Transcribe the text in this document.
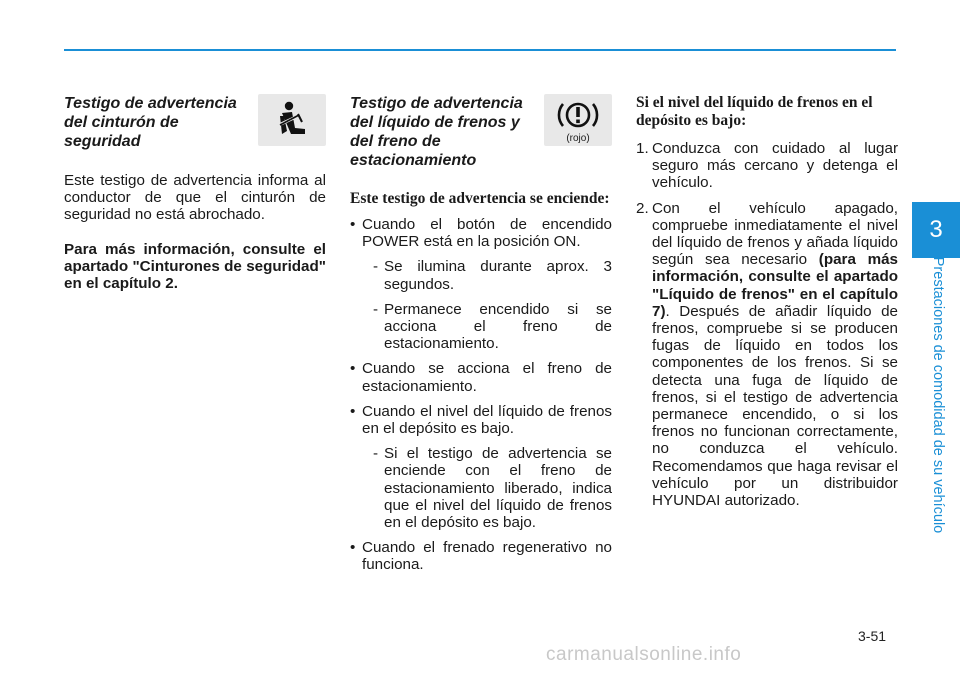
Testigo de advertencia del cinturón de seguridad

Este testigo de advertencia informa al conductor de que el cinturón de seguridad no está abrochado.

Para más información, consulte el apartado "Cinturones de seguridad" en el capítulo 2.

(rojo)

Testigo de advertencia del líquido de frenos y del freno de estacionamiento

Este testigo de advertencia se enciende:

• Cuando el botón de encendido POWER está en la posición ON.
- Se ilumina durante aprox. 3 segundos.
- Permanece encendido si se acciona el freno de estacionamiento.
• Cuando se acciona el freno de estacionamiento.
• Cuando el nivel del líquido de frenos en el depósito es bajo.
- Si el testigo de advertencia se enciende con el freno de estacionamiento liberado, indica que el nivel del líquido de frenos en el depósito es bajo.
• Cuando el frenado regenerativo no funciona.

Si el nivel del líquido de frenos en el depósito es bajo:

1. Conduzca con cuidado al lugar seguro más cercano y detenga el vehículo.
2. Con el vehículo apagado, compruebe inmediatamente el nivel del líquido de frenos y añada líquido según sea necesario (para más información, consulte el apartado "Líquido de frenos" en el capítulo 7). Después de añadir líquido de frenos, compruebe si se producen fugas de líquido en todos los componentes de los frenos. Si se detecta una fuga de líquido de frenos, si el testigo de advertencia permanece encendido, o si los frenos no funcionan correctamente, no conduzca el vehículo. Recomendamos que haga revisar el vehículo por un distribuidor HYUNDAI autorizado.
3
Prestaciones de comodidad de su vehículo
3-51
carmanualsonline.info
